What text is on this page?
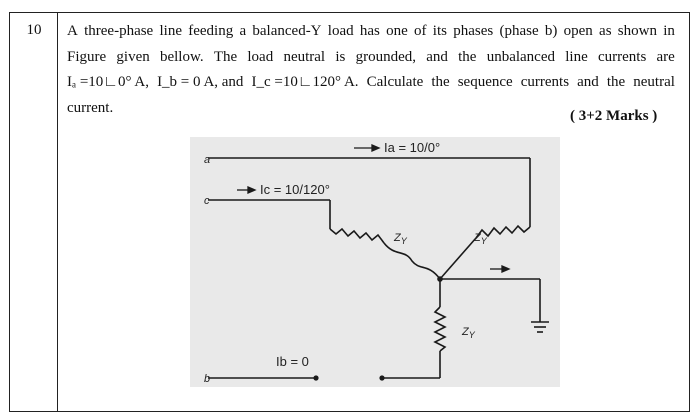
10	A three-phase line feeding a balanced-Y load has one of its phases (phase b) open as shown in
Figure given bellow. The load neutral is grounded, and the unbalanced line currents are
Iₐ =10∟0° A, I_b = 0 A, and I_c =10∟120° A. Calculate the sequence currents and the neutral
current.
( 3+2 Marks )
a
c
b
Ia = 10/0°
Ic = 10/120°
Ib = 0
$Z_Y$	$Z_Y$
$Z_Y$
